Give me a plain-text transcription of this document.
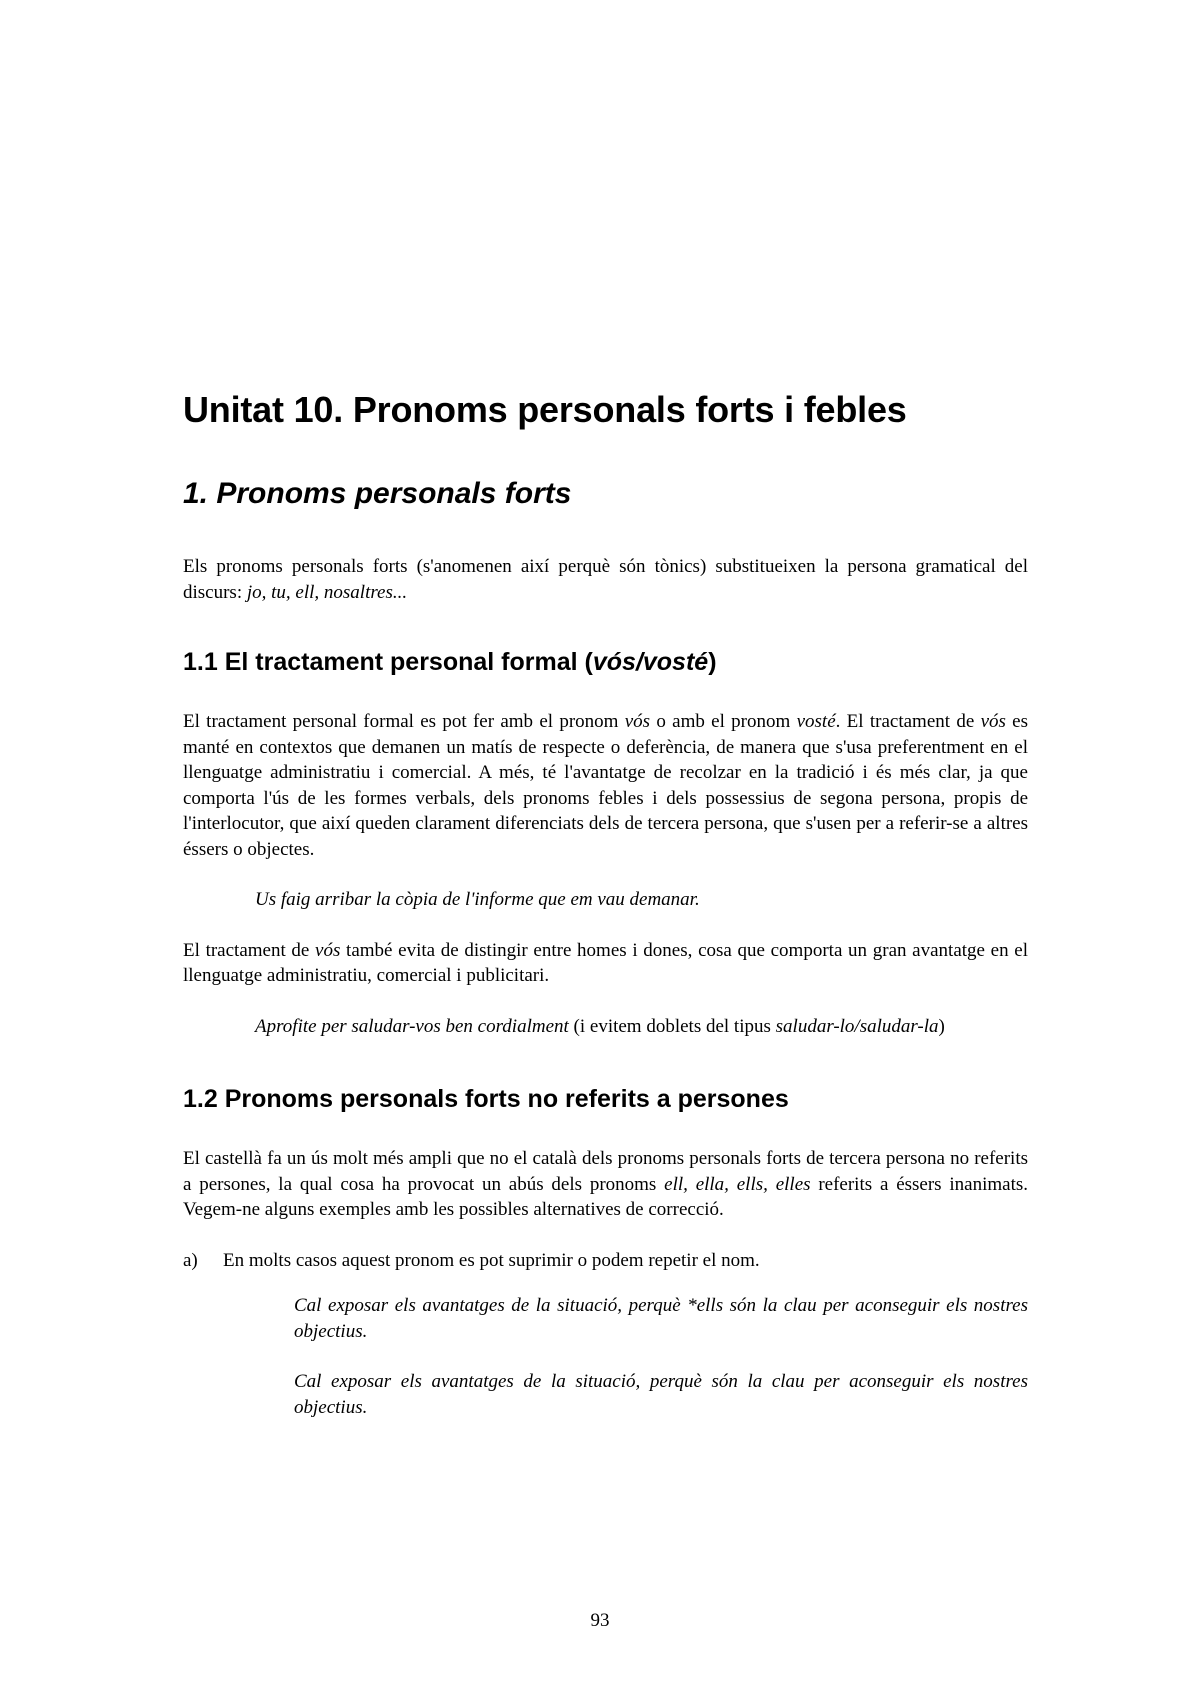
Unitat 10. Pronoms personals forts i febles
1. Pronoms personals forts

Els pronoms personals forts (s'anomenen així perquè són tònics) substitueixen la persona gramatical del discurs: jo, tu, ell, nosaltres...

1.1 El tractament personal formal (vós/vosté)

El tractament personal formal es pot fer amb el pronom vós o amb el pronom vosté. El tractament de vós es manté en contextos que demanen un matís de respecte o deferència, de manera que s'usa preferentment en el llenguatge administratiu i comercial. A més, té l'avantatge de recolzar en la tradició i és més clar, ja que comporta l'ús de les formes verbals, dels pronoms febles i dels possessius de segona persona, propis de l'interlocutor, que així queden clarament diferenciats dels de tercera persona, que s'usen per a referir-se a altres éssers o objectes.

Us faig arribar la còpia de l'informe que em vau demanar.

El tractament de vós també evita de distingir entre homes i dones, cosa que comporta un gran avantatge en el llenguatge administratiu, comercial i publicitari.

Aprofite per saludar-vos ben cordialment (i evitem doblets del tipus saludar-lo/saludar-la)

1.2 Pronoms personals forts no referits a persones

El castellà fa un ús molt més ampli que no el català dels pronoms personals forts de tercera persona no referits a persones, la qual cosa ha provocat un abús dels pronoms ell, ella, ells, elles referits a éssers inanimats. Vegem-ne alguns exemples amb les possibles alternatives de correcció.

a)	En molts casos aquest pronom es pot suprimir o podem repetir el nom.

Cal exposar els avantatges de la situació, perquè *ells són la clau per aconseguir els nostres objectius.

Cal exposar els avantatges de la situació, perquè són la clau per aconseguir els nostres objectius.

93
